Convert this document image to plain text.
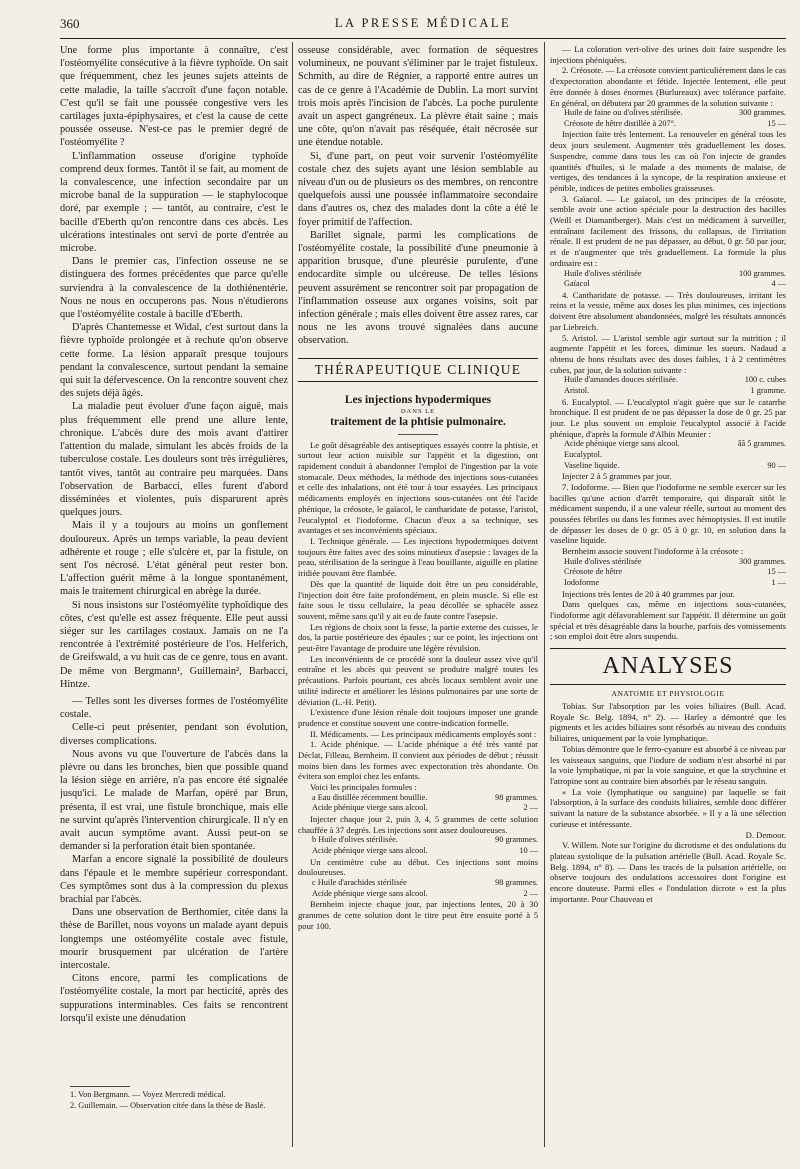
360	LA PRESSE MÉDICALE

Une forme plus importante à connaître, c'est l'ostéomyélite consécutive à la fièvre typhoïde. On sait que fréquemment, chez les jeunes sujets atteints de cette maladie, la taille s'accroît d'une façon notable. C'est qu'il se fait une poussée congestive vers les cartilages juxta-épiphysaires, et c'est la cause de cette poussée osseuse. N'est-ce pas le premier degré de l'ostéomyélite ?

L'inflammation osseuse d'origine typhoïde comprend deux formes. Tantôt il se fait, au moment de la convalescence, une infection secondaire par un microbe banal de la suppuration — le staphylocoque doré, par exemple ; — tantôt, au contraire, c'est le bacille d'Eberth qu'on rencontre dans ces abcès. Les ulcérations intestinales ont servi de porte d'entrée au microbe.

Dans le premier cas, l'infection osseuse ne se distinguera des formes précédentes que parce qu'elle surviendra à la convalescence de la dothiénentérie. Nous ne nous en occuperons pas. Nous n'étudierons que l'ostéomyélite costale à bacille d'Eberth.

D'après Chantemesse et Widal, c'est surtout dans la fièvre typhoïde prolongée et à rechute qu'on observe cette forme. La lésion apparaît presque toujours pendant la convalescence, surtout pendant la semaine qui suit la défervescence. On la rencontre souvent chez des sujets déjà âgés.

La maladie peut évoluer d'une façon aiguë, mais plus fréquemment elle prend une allure lente, chronique. L'abcès dure des mois avant d'attirer l'attention du malade, simulant les abcès froids de la tuberculose costale. Les douleurs sont très irrégulières, tantôt vives, tantôt au contraire peu marquées. Dans l'observation de Barbacci, elles furent d'abord disséminées et violentes, puis disparurent après quelques jours.

Mais il y a toujours au moins un gonflement douloureux. Après un temps variable, la peau devient adhérente et rouge ; elle s'ulcère et, par la fistule, on sent l'os nécrosé. L'état général peut rester bon. L'affection guérit même à la longue spontanément, mais le traitement chirurgical en abrège la durée.

Si nous insistons sur l'ostéomyélite typhoïdique des côtes, c'est qu'elle est assez fréquente. Elle peut aussi siéger sur les cartilages costaux. Jamais on ne l'a rencontrée à l'extrémité postérieure de l'os. Helferich, de Greifswald, a vu huit cas de ce genre, tous en avant. De même von Bergmann¹, Guillemain², Barbacci, Hintze.

— Telles sont les diverses formes de l'ostéomyélite costale.

Celle-ci peut présenter, pendant son évolution, diverses complications.

Nous avons vu que l'ouverture de l'abcès dans la plèvre ou dans les bronches, bien que possible quand la lésion siège en arrière, n'a pas encore été signalée jusqu'ici. Le malade de Marfan, opéré par Brun, présenta, il est vrai, une fistule bronchique, mais elle ne survint qu'après l'intervention chirurgicale. Il n'y en avait aucun symptôme avant. Aussi peut-on se demander si la perforation était bien spontanée.

Marfan a encore signalé la possibilité de douleurs dans l'épaule et le membre supérieur correspondant. Ces symptômes sont dus à la compression du plexus brachial par l'abcès.

Dans une observation de Berthomier, citée dans la thèse de Barillet, nous voyons un malade ayant depuis longtemps une ostéomyélite costale avec fistule, mourir brusquement par ulcération de l'artère intercostale.

Citons encore, parmi les complications de l'ostéomyélite costale, la mort par hecticité, après des suppurations interminables. Ces faits se rencontrent lorsqu'il existe une dénudation

1. Von Bergmann. — Voyez Mercredi médical.
2. Guillemain. — Observation citée dans la thèse de Baslé.

osseuse considérable, avec formation de séquestres volumineux, ne pouvant s'éliminer par le trajet fistuleux. Schmith, au dire de Régnier, a rapporté entre autres un cas de ce genre à l'Académie de Dublin. La mort survint trois mois après l'incision de l'abcès. La poche purulente avait un aspect gangréneux. La plèvre était saine ; mais une côte, qu'on n'avait pas réséquée, était nécrosée sur une étendue notable.

Si, d'une part, on peut voir survenir l'ostéomyélite costale chez des sujets ayant une lésion semblable au niveau d'un ou de plusieurs os des membres, on rencontre quelquefois aussi une poussée inflammatoire secondaire dans d'autres os, chez des malades dont la côte a été le foyer primitif de l'affection.

Barillet signale, parmi les complications de l'ostéomyélite costale, la possibilité d'une pneumonie à apparition brusque, d'une pleurésie purulente, d'une endocardite simple ou ulcéreuse. De telles lésions peuvent assurément se rencontrer soit par propagation de l'inflammation osseuse aux organes voisins, soit par infection générale ; mais elles doivent être assez rares, car nous ne les avons trouvé signalées dans aucune observation.

THÉRAPEUTIQUE CLINIQUE
Les injections hypodermiques
DANS LE
traitement de la phtisie pulmonaire.

Le goût désagréable des antiseptiques essayés contre la phtisie, et surtout leur action nuisible sur l'appétit et la digestion, ont rapidement conduit à abandonner l'emploi de l'ingestion par la voie stomacale. Deux méthodes, la méthode des injections sous-cutanées et celle des inhalations, ont été tour à tour essayées. Les principaux médicaments employés en injections sous-cutanées ont été l'acide phénique, la créosote, le gaïacol, le cantharidate de potasse, l'aristol, l'eucalyptol et l'iodoforme. Chacun d'eux a sa technique, ses avantages et ses inconvénients spéciaux.

I. Technique générale. — Les injections hypodermiques doivent toujours être faites avec des soins minutieux d'asepsie : lavages de la peau, stérilisation de la seringue à l'eau bouillante, aiguille en platine iridiée pouvant être flambée.

Dès que la quantité de liquide doit être un peu considérable, l'injection doit être faite profondément, en plein muscle. Si elle est faite sous le tissu cellulaire, la peau décollée se sphacèle assez souvent, même sans qu'il y ait eu de faute contre l'asepsie.

Les régions de choix sont la fesse, la partie externe des cuisses, le dos, la partie postérieure des épaules ; sur ce point, les injections ont peut-être l'avantage de produire une légère révulsion.

Les inconvénients de ce procédé sont la douleur assez vive qu'il entraîne et les abcès qui peuvent se produire malgré toutes les précautions. Parfois pourtant, ces abcès locaux semblent avoir une utilité indirecte et améliorer les lésions pulmonaires par une sorte de déviation (L.-H. Petit).

L'existence d'une lésion rénale doit toujours imposer une grande prudence et constitue souvent une contre-indication formelle.

II. Médicaments. — Les principaux médicaments employés sont :

1. Acide phénique. — L'acide phénique a été très vanté par Déclat, Filleau, Bernheim. Il convient aux périodes de début ; réussit moins bien dans les formes avec expectoration très abondante. On évitera son emploi chez les enfants.

Voici les principales formules :

a Eau distillée récemment bouillie.	98 grammes.
Acide phénique vierge sans alcool.	2 —

Injecter chaque jour 2, puis 3, 4, 5 grammes de cette solution chauffée à 37 degrés. Les injections sont assez douloureuses.

b Huile d'olives stérilisée.	90 grammes.
Acide phénique vierge sans alcool.	10 —

Un centimètre cube au début. Ces injections sont moins douloureuses.

c Huile d'arachides stérilisée	98 grammes.
Acide phénique vierge sans alcool.	2 —

Bernheim injecte chaque jour, par injections lentes, 20 à 30 grammes de cette solution dont le titre peut être ensuite porté à 5 pour 100.

— La coloration vert-olive des urines doit faire suspendre les injections phéniquées.

2. Créosote. — La créosote convient particulièrement dans le cas d'expectoration abondante et fétide. Injectée lentement, elle peut être donnée à doses énormes (Burlureaux) avec tolérance parfaite. En général, on débutera par 20 grammes de la solution suivante :

Huile de faine ou d'olives stérilisée.	300 grammes.
Créosote de hêtre distillée à 207°.	15 —

Injection faite très lentement. La renouveler en général tous les deux jours seulement. Augmenter très graduellement les doses. Suspendre, comme dans tous les cas où l'on injecte de grandes quantités d'huiles, si le malade a des moments de malaise, de vertiges, des tendances à la syncope, de la respiration anxieuse et pénible, indices de petites embolies graisseuses.

3. Gaïacol. — Le gaïacol, un des principes de la créosote, semble avoir une action spéciale pour la destruction des bacilles (Weill et Diamantberger). Mais c'est un médicament à surveiller, entraînant facilement des frissons, du collapsus, de l'irritation rénale. Il est prudent de ne pas dépasser, au début, 0 gr. 50 par jour, et de n'augmenter que très graduellement. La formule la plus ordinaire est :

Huile d'olives stérilisée	100 grammes.
Gaïacol	4 —

4. Cantharidate de potasse. — Très douloureuses, irritant les reins et la vessie, même aux doses les plus minimes, ces injections doivent être absolument abandonnées, malgré les résultats annoncés par Liebreich.

5. Aristol. — L'aristol semble agir surtout sur la nutrition ; il augmente l'appétit et les forces, diminue les sueurs. Nadaud a obtenu de bons résultats avec des doses faibles, 1 à 2 centimètres cubes, par jour, de la solution suivante :

Huile d'amandes douces stérilisée.	100 c. cubes
Aristol.	1 gramme.

6. Eucalyptol. — L'eucalyptol n'agit guère que sur le catarrhe bronchique. Il est prudent de ne pas dépasser la dose de 0 gr. 25 par jour. Le plus souvent on emploie l'eucalyptol associé à l'acide phénique, d'après la formule d'Albin Meunier :

Acide phénique vierge sans alcool.	ââ 5 grammes.
Eucalyptol.
Vaseline liquide.	90 —

Injecter 2 à 5 grammes par jour.

7. Iodoforme. — Bien que l'iodoforme ne semble exercer sur les bacilles qu'une action d'arrêt temporaire, qui disparaît sitôt le médicament suspendu, il a une valeur réelle, surtout au moment des poussées fébriles ou dans les formes avec hémoptysies. Il est inutile de dépasser les doses de 0 gr. 05 à 0 gr. 10, en solution dans la vaseline liquide.

Bernheim associe souvent l'iodoforme à la créosote :

Huile d'olives stérilisée	300 grammes.
Créosote de hêtre	15 —
Iodoforme	1 —

Injections très lentes de 20 à 40 grammes par jour.

Dans quelques cas, même en injections sous-cutanées, l'iodoforme agit défavorablement sur l'appétit. Il détermine un goût spécial et très désagréable dans la bouche, parfois des vomissements ; son emploi doit être alors suspendu.

ANALYSES
ANATOMIE ET PHYSIOLOGIE

Tobias. Sur l'absorption par les voies biliaires (Bull. Acad. Royale Sc. Belg. 1894, n° 2). — Harley a démontré que les pigments et les acides biliaires sont résorbés au niveau des conduits biliaires, uniquement par la voie lymphatique.

Tobias démontre que le ferro-cyanure est absorbé à ce niveau par les vaisseaux sanguins, que l'iodure de sodium n'est absorbé ni par la voie lymphatique, ni par la voie sanguine, et que la strychnine et l'atropine sont au contraire bien absorbés par le réseau sanguin.

« La voie (lymphatique ou sanguine) par laquelle se fait l'absorption, à la surface des conduits biliaires, semble donc différer suivant la nature de la substance absorbée. » Il y a là une sélection curieuse et intéressante.

D. Demoor.

V. Willem. Note sur l'origine du dicrotisme et des ondulations du plateau systolique de la pulsation artérielle (Bull. Acad. Royale Sc. Belg. 1894, n° 8). — Dans les tracés de la pulsation artérielle, on observe toujours des ondulations accessoires dont l'origine est encore douteuse. Parmi elles « l'ondulation dicrote » est la plus importante. Pour Chauveau et
